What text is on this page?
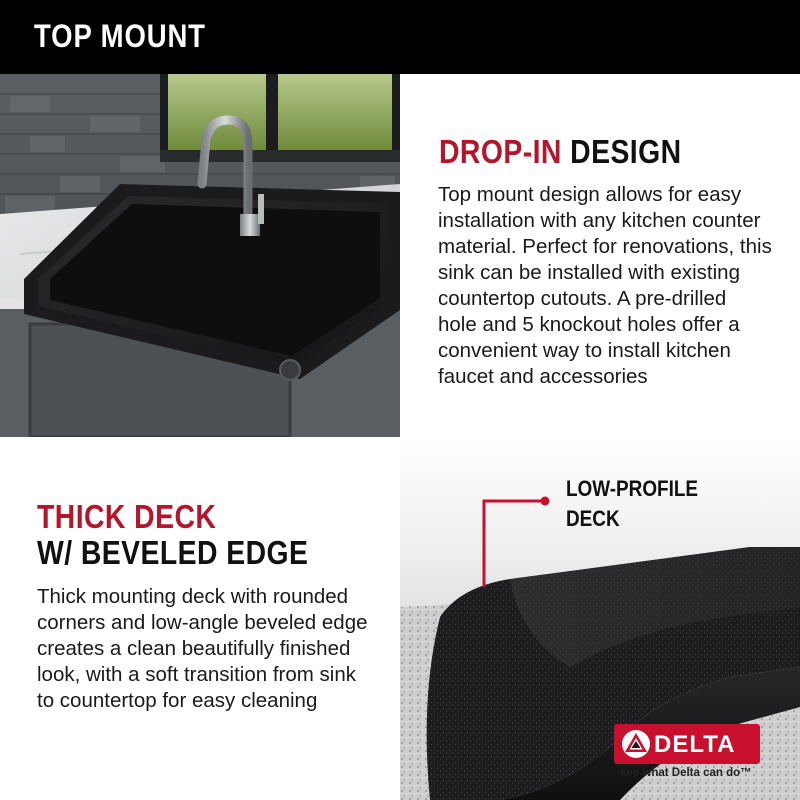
TOP MOUNT
DROP-IN DESIGN
Top mount design allows for easy
installation with any kitchen counter
material. Perfect for renovations, this
sink can be installed with existing
countertop cutouts. A pre-drilled
hole and 5 knockout holes offer a
convenient way to install kitchen
faucet and accessories
THICK DECK
W/ BEVELED EDGE
Thick mounting deck with rounded
corners and low-angle beveled edge
creates a clean beautifully finished
look, with a soft transition from sink
to countertop for easy cleaning
LOW-PROFILE
DECK
DELTA
see what Delta can do™
